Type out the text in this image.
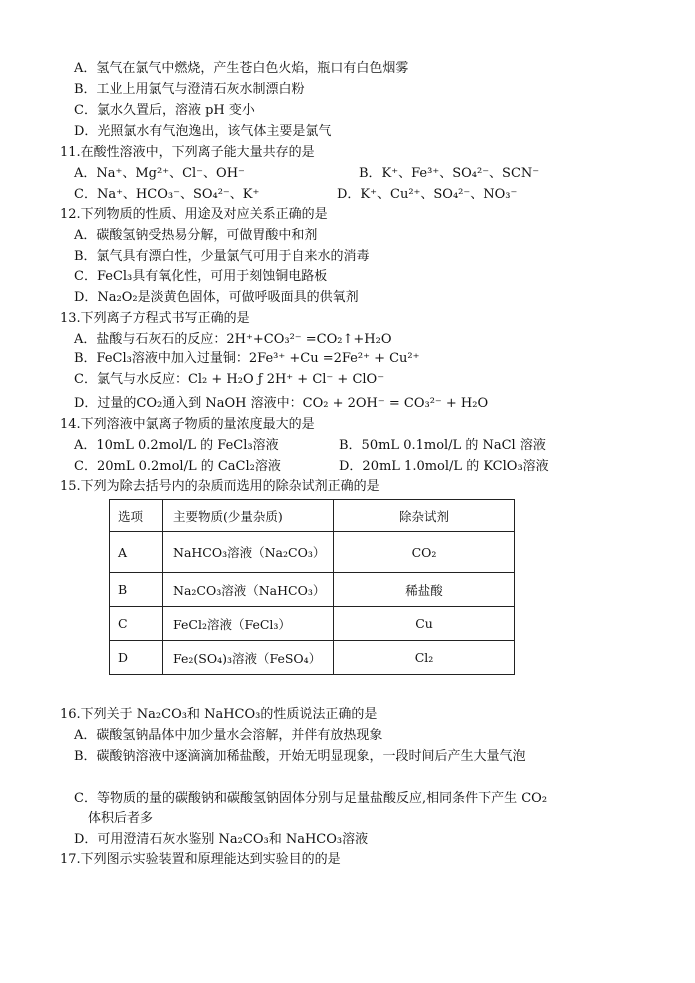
A．氢气在氯气中燃烧，产生苍白色火焰，瓶口有白色烟雾
B．工业上用氯气与澄清石灰水制漂白粉
C．氯水久置后，溶液 pH 变小
D．光照氯水有气泡逸出，该气体主要是氯气
11.在酸性溶液中，下列离子能大量共存的是
A．Na⁺、Mg²⁺、Cl⁻、OH⁻	B．K⁺、Fe³⁺、SO₄²⁻、SCN⁻
C．Na⁺、HCO₃⁻、SO₄²⁻、K⁺	D．K⁺、Cu²⁺、SO₄²⁻、NO₃⁻
12.下列物质的性质、用途及对应关系正确的是
A．碳酸氢钠受热易分解，可做胃酸中和剂
B．氯气具有漂白性，少量氯气可用于自来水的消毒
C．FeCl₃具有氧化性，可用于刻蚀铜电路板
D．Na₂O₂是淡黄色固体，可做呼吸面具的供氧剂
13.下列离子方程式书写正确的是
A．盐酸与石灰石的反应：2H⁺+CO₃²⁻ =CO₂↑+H₂O
B．FeCl₃溶液中加入过量铜：2Fe³⁺ +Cu =2Fe²⁺ + Cu²⁺
C．氯气与水反应：Cl₂ + H₂O ƒ 2H⁺ + Cl⁻ + ClO⁻
D．过量的CO₂通入到 NaOH 溶液中：CO₂ + 2OH⁻ = CO₃²⁻ + H₂O
14.下列溶液中氯离子物质的量浓度最大的是
A．10mL 0.2mol/L 的 FeCl₃溶液	B．50mL 0.1mol/L 的 NaCl 溶液
C．20mL 0.2mol/L 的 CaCl₂溶液	D．20mL 1.0mol/L 的 KClO₃溶液
15.下列为除去括号内的杂质而选用的除杂试剂正确的是
选项	主要物质(少量杂质)	除杂试剂
A	NaHCO₃溶液（Na₂CO₃）	CO₂
B	Na₂CO₃溶液（NaHCO₃）	稀盐酸
C	FeCl₂溶液（FeCl₃）	Cu
D	Fe₂(SO₄)₃溶液（FeSO₄）	Cl₂
16.下列关于 Na₂CO₃和 NaHCO₃的性质说法正确的是
A．碳酸氢钠晶体中加少量水会溶解，并伴有放热现象
B．碳酸钠溶液中逐滴滴加稀盐酸，开始无明显现象，一段时间后产生大量气泡
C．等物质的量的碳酸钠和碳酸氢钠固体分别与足量盐酸反应,相同条件下产生 CO₂
体积后者多
D．可用澄清石灰水鉴别 Na₂CO₃和 NaHCO₃溶液
17.下列图示实验装置和原理能达到实验目的的是
